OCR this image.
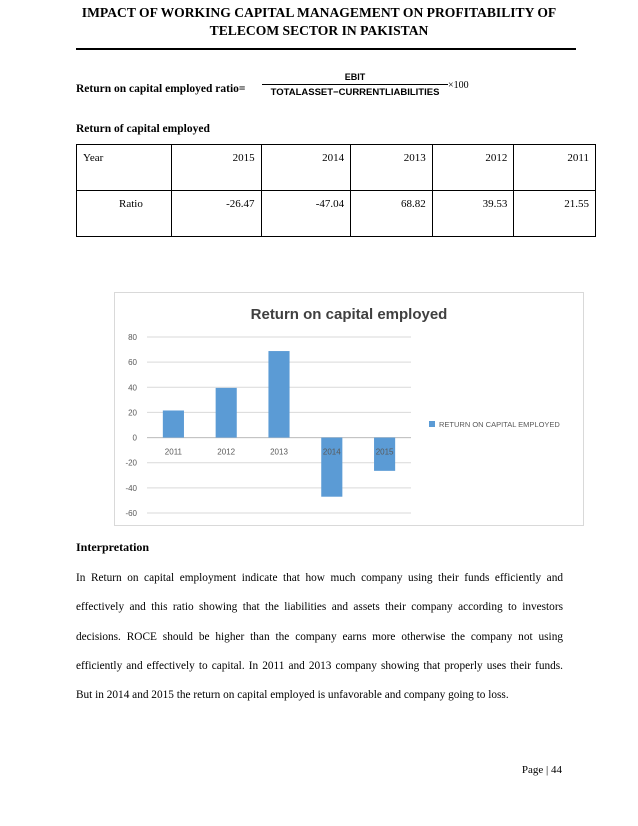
IMPACT OF WORKING CAPITAL MANAGEMENT ON PROFITABILITY OF
TELECOM SECTOR IN PAKISTAN
Return on capital employed ratio=
EBIT
TOTALASSET−CURRENTLIABILITIES
×100
Return of capital employed
Year	2015	2014	2013	2012	2011
Ratio	-26.47	-47.04	68.82	39.53	21.55
Return on capital employed
80
60
40
20
0
-20
-40
-60
2011	2012	2013	2014	2015
RETURN ON CAPITAL EMPLOYED
Interpretation
In Return on capital employment indicate that how much company using their funds efficiently and effectively and this ratio showing that the liabilities and assets their company according to investors decisions. ROCE should be higher than the company earns more otherwise the company not using efficiently and effectively to capital. In 2011 and 2013 company showing that properly uses their funds. But in 2014 and 2015 the return on capital employed is unfavorable and company going to loss.
Page | 44
